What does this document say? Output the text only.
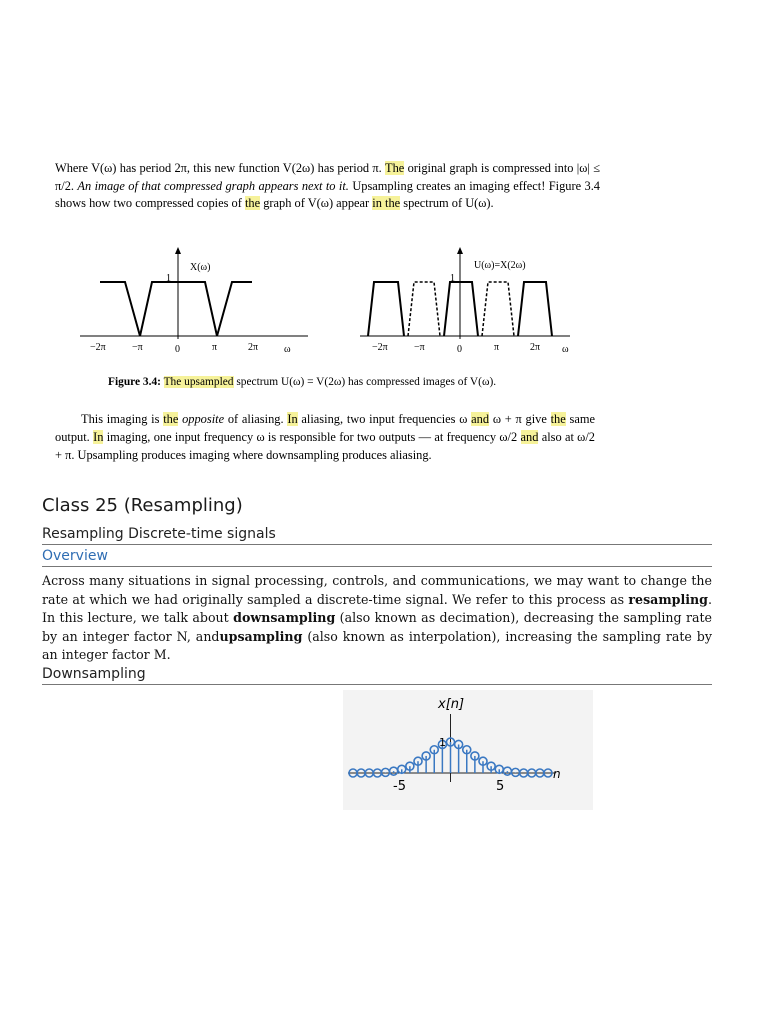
Where V(ω) has period 2π, this new function V(2ω) has period π. The original graph is compressed into |ω| ≤ π/2. An image of that compressed graph appears next to it. Upsampling creates an imaging effect! Figure 3.4 shows how two compressed copies of the graph of V(ω) appear in the spectrum of U(ω).

X(ω)
1
−2π	−π	0	π	2π	ω
U(ω)=X(2ω)
1
−2π	−π	0	π	2π ω
Figure 3.4: The upsampled spectrum U(ω) = V(2ω) has compressed images of V(ω).

This imaging is the opposite of aliasing. In aliasing, two input frequencies ω and ω + π give the same output. In imaging, one input frequency ω is responsible for two outputs — at frequency ω/2 and also at ω/2 + π. Upsampling produces imaging where downsampling produces aliasing.

Class 25 (Resampling)
Resampling Discrete-time signals
Overview
Across many situations in signal processing, controls, and communications, we may want to change the rate at which we had originally sampled a discrete-time signal. We refer to this process as resampling. In this lecture, we talk about downsampling (also known as decimation), decreasing the sampling rate by an integer factor N, andupsampling (also known as interpolation), increasing the sampling rate by an integer factor M.
Downsampling
x[n]
1
-5	5
n
